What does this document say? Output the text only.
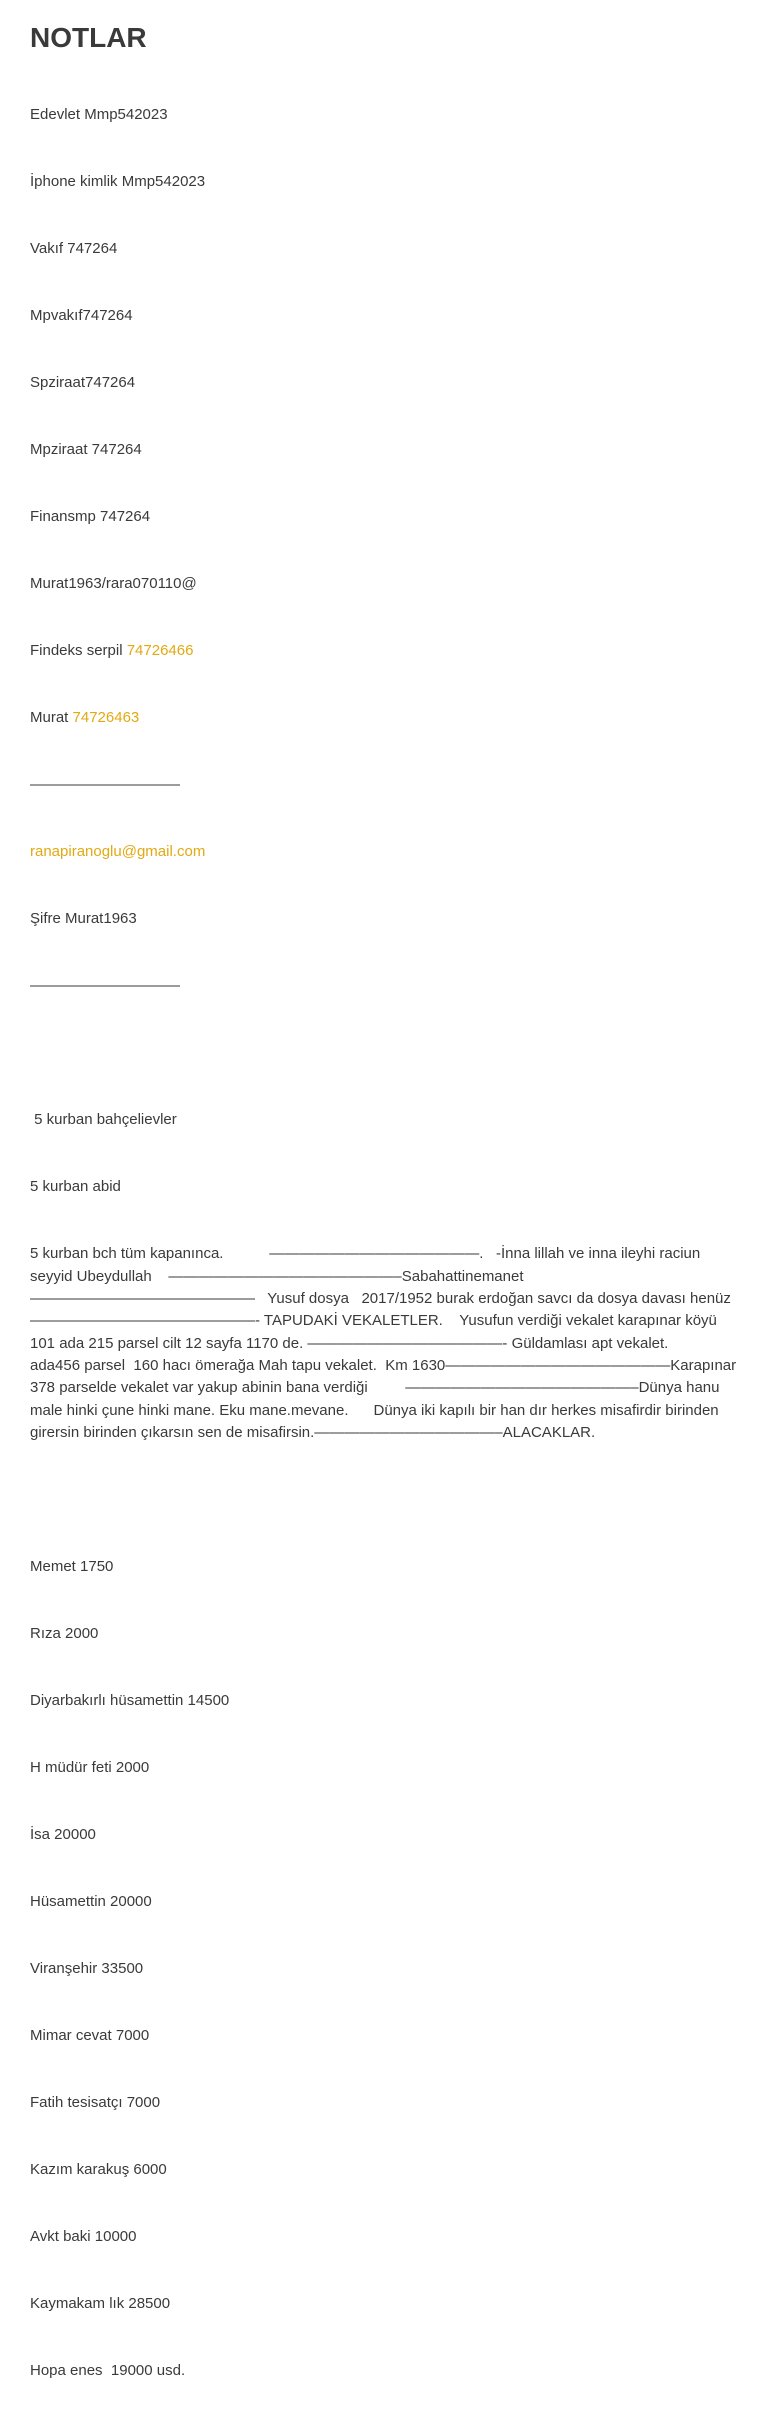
NOTLAR

Edevlet Mmp542023

İphone kimlik Mmp542023

Vakıf 747264

Mpvakıf747264

Spziraat747264

Mpziraat 747264

Finansmp 747264

Murat1963/rara070110@

Findeks serpil 74726466

Murat 74726463

——————————

ranapiranoglu@gmail.com

Şifre Murat1963

——————————

5 kurban bahçelievler

5 kurban abid

5 kurban bch tüm kapanınca.           ——————————————.   -İnna lillah ve inna ileyhi raciun   seyyid Ubeydullah    ———————————————–Sabahattinemanet  ———————————————   Yusuf dosya   2017/1952 burak erdoğan savcı da dosya davası henüz———————————————- TAPUDAKİ VEKALETLER.    Yusufun verdiği vekalet karapınar köyü 101 ada 215 parsel cilt 12 sayfa 1170 de. —————————————- Güldamlası apt vekalet.     ada456 parsel  160 hacı ömerağa Mah tapu vekalet.  Km 1630———————————————Karapınar 378 parselde vekalet var yakup abinin bana verdiği         ———————————————–Dünya hanu male hinki çune hinki mane. Eku mane.mevane.      Dünya iki kapılı bir han dır herkes misafirdir birinden girersin birinden çıkarsın sen de misafirsin.————————————–ALACAKLAR.

Memet 1750

Rıza 2000

Diyarbakırlı hüsamettin 14500

H müdür feti 2000

İsa 20000

Hüsamettin 20000

Viranşehir 33500

Mimar cevat 7000

Fatih tesisatçı 7000

Kazım karakuş 6000

Avkt baki 10000

Kaymakam lık 28500

Hopa enes  19000 usd.
